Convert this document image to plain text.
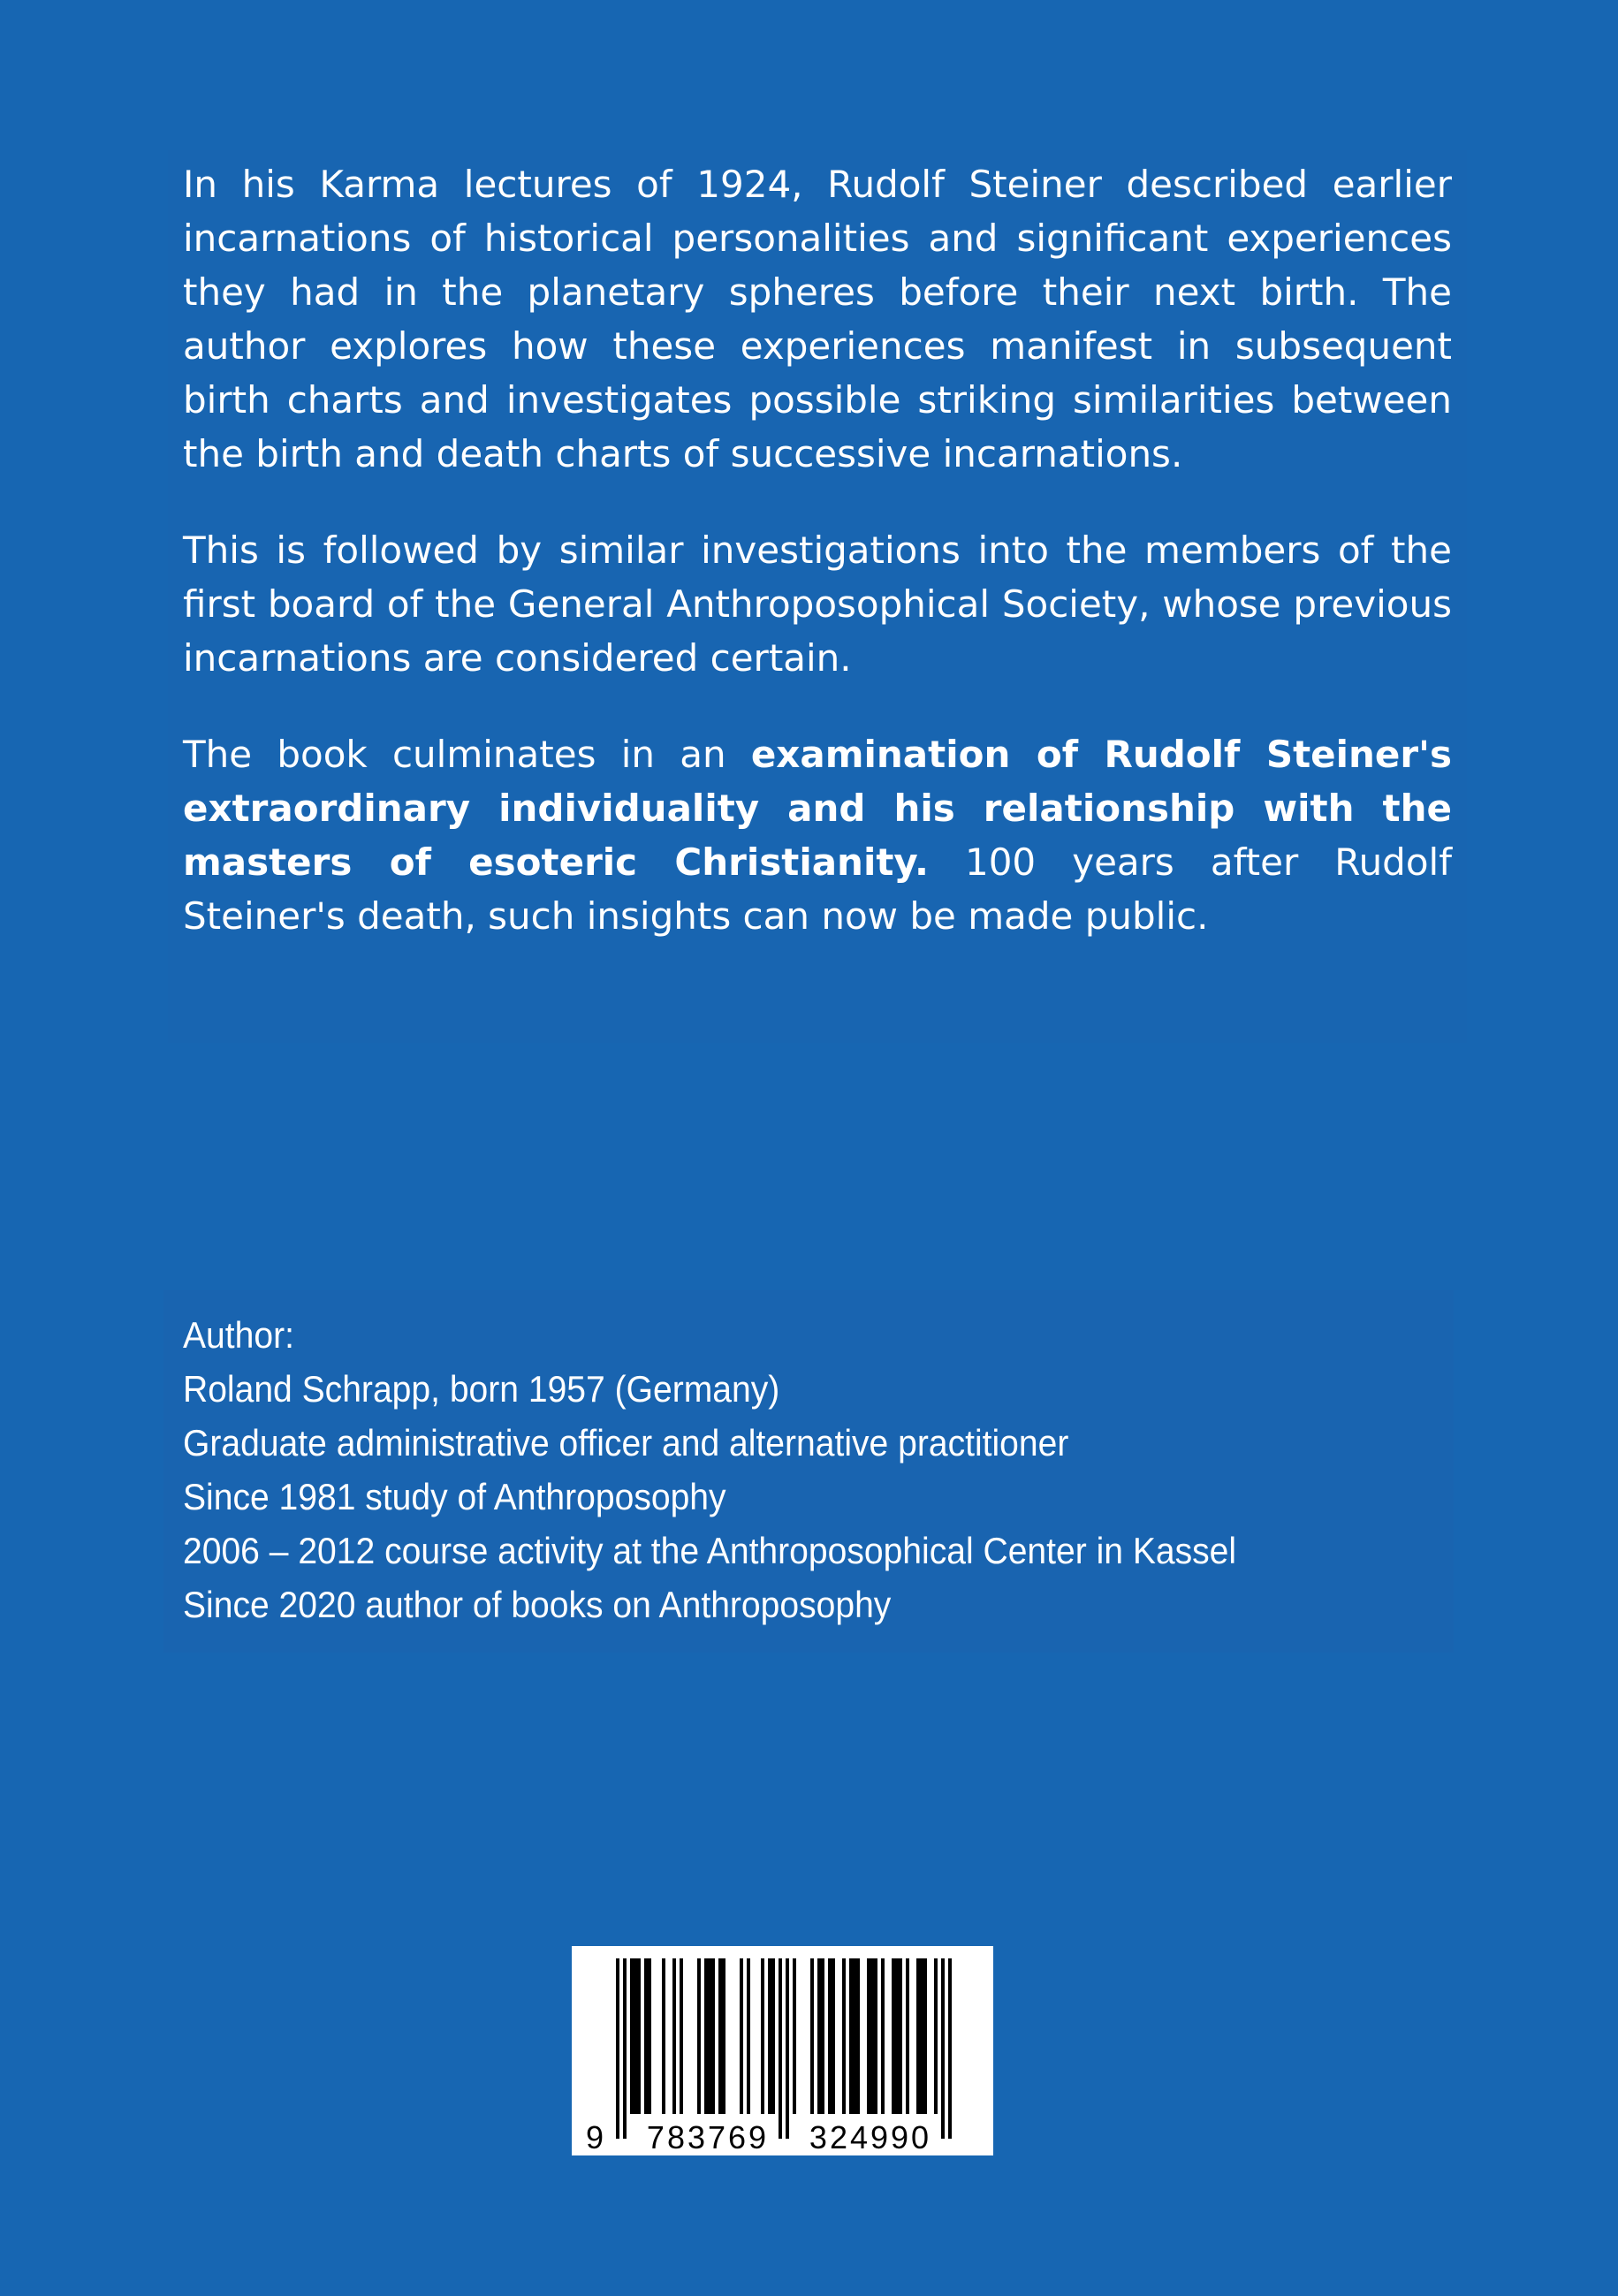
In his Karma lectures of 1924, Rudolf Steiner described earlier incarnations of historical personalities and significant experiences they had in the planetary spheres before their next birth. The author explores how these experiences manifest in subsequent birth charts and investigates possible striking similarities between the birth and death charts of successive incarnations.

This is followed by similar investigations into the members of the first board of the General Anthroposophical Society, whose previous incarnations are considered certain.

The book culminates in an examination of Rudolf Steiner's extraordinary individuality and his relationship with the masters of esoteric Christianity. 100 years after Rudolf Steiner's death, such insights can now be made public.

Author:
Roland Schrapp, born 1957 (Germany)
Graduate administrative officer and alternative practitioner
Since 1981 study of Anthroposophy
2006 – 2012 course activity at the Anthroposophical Center in Kassel
Since 2020 author of books on Anthroposophy
9 783769 324990
